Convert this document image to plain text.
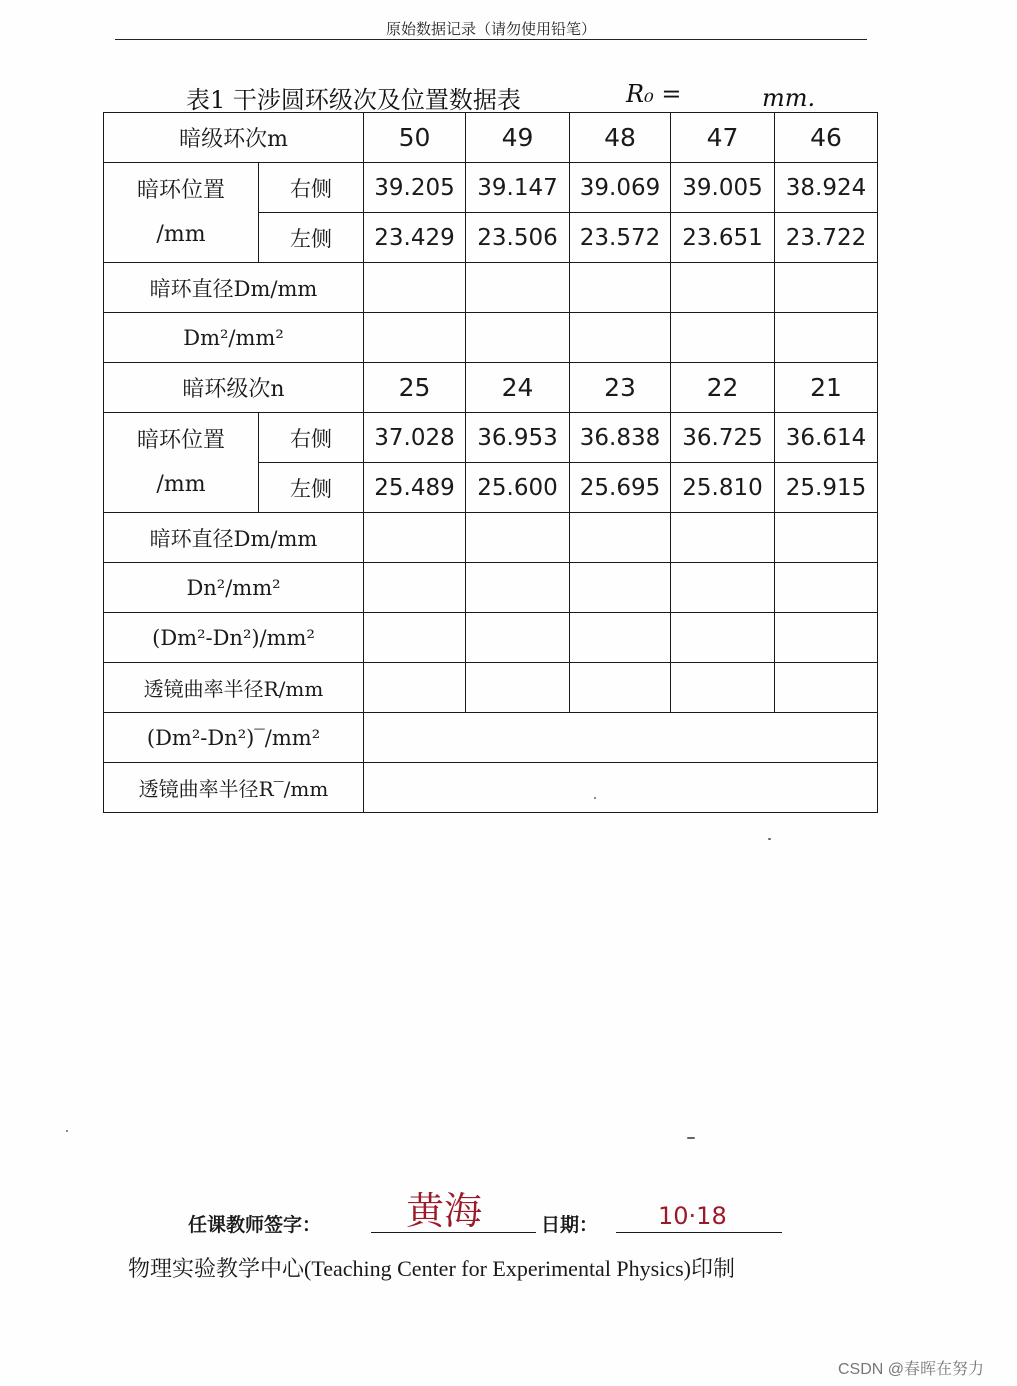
原始数据记录（请勿使用铅笔）
表1 干涉圆环级次及位置数据表	R₀ =	mm.
暗级环次m		50	49	48	47	46

暗环位置
/mm	右侧	39.205	39.147	39.069	39.005	38.924
	左侧	23.429	23.506	23.572	23.651	23.722
暗环直径Dm/mm						
Dm²/mm²						
暗环级次n		25	24	23	22	21

暗环位置
/mm	右侧	37.028	36.953	36.838	36.725	36.614
	左侧	25.489	25.600	25.695	25.810	25.915
暗环直径Dm/mm						
Dn²/mm²						
(Dm²-Dn²)/mm²						
透镜曲率半径R/mm						
(Dm²-Dn²)‾/mm²						
透镜曲率半径R‾/mm						
任课教师签字： 黄海	日期： 10·18
物理实验教学中心(Teaching Center for Experimental Physics)印制
CSDN @春晖在努力
